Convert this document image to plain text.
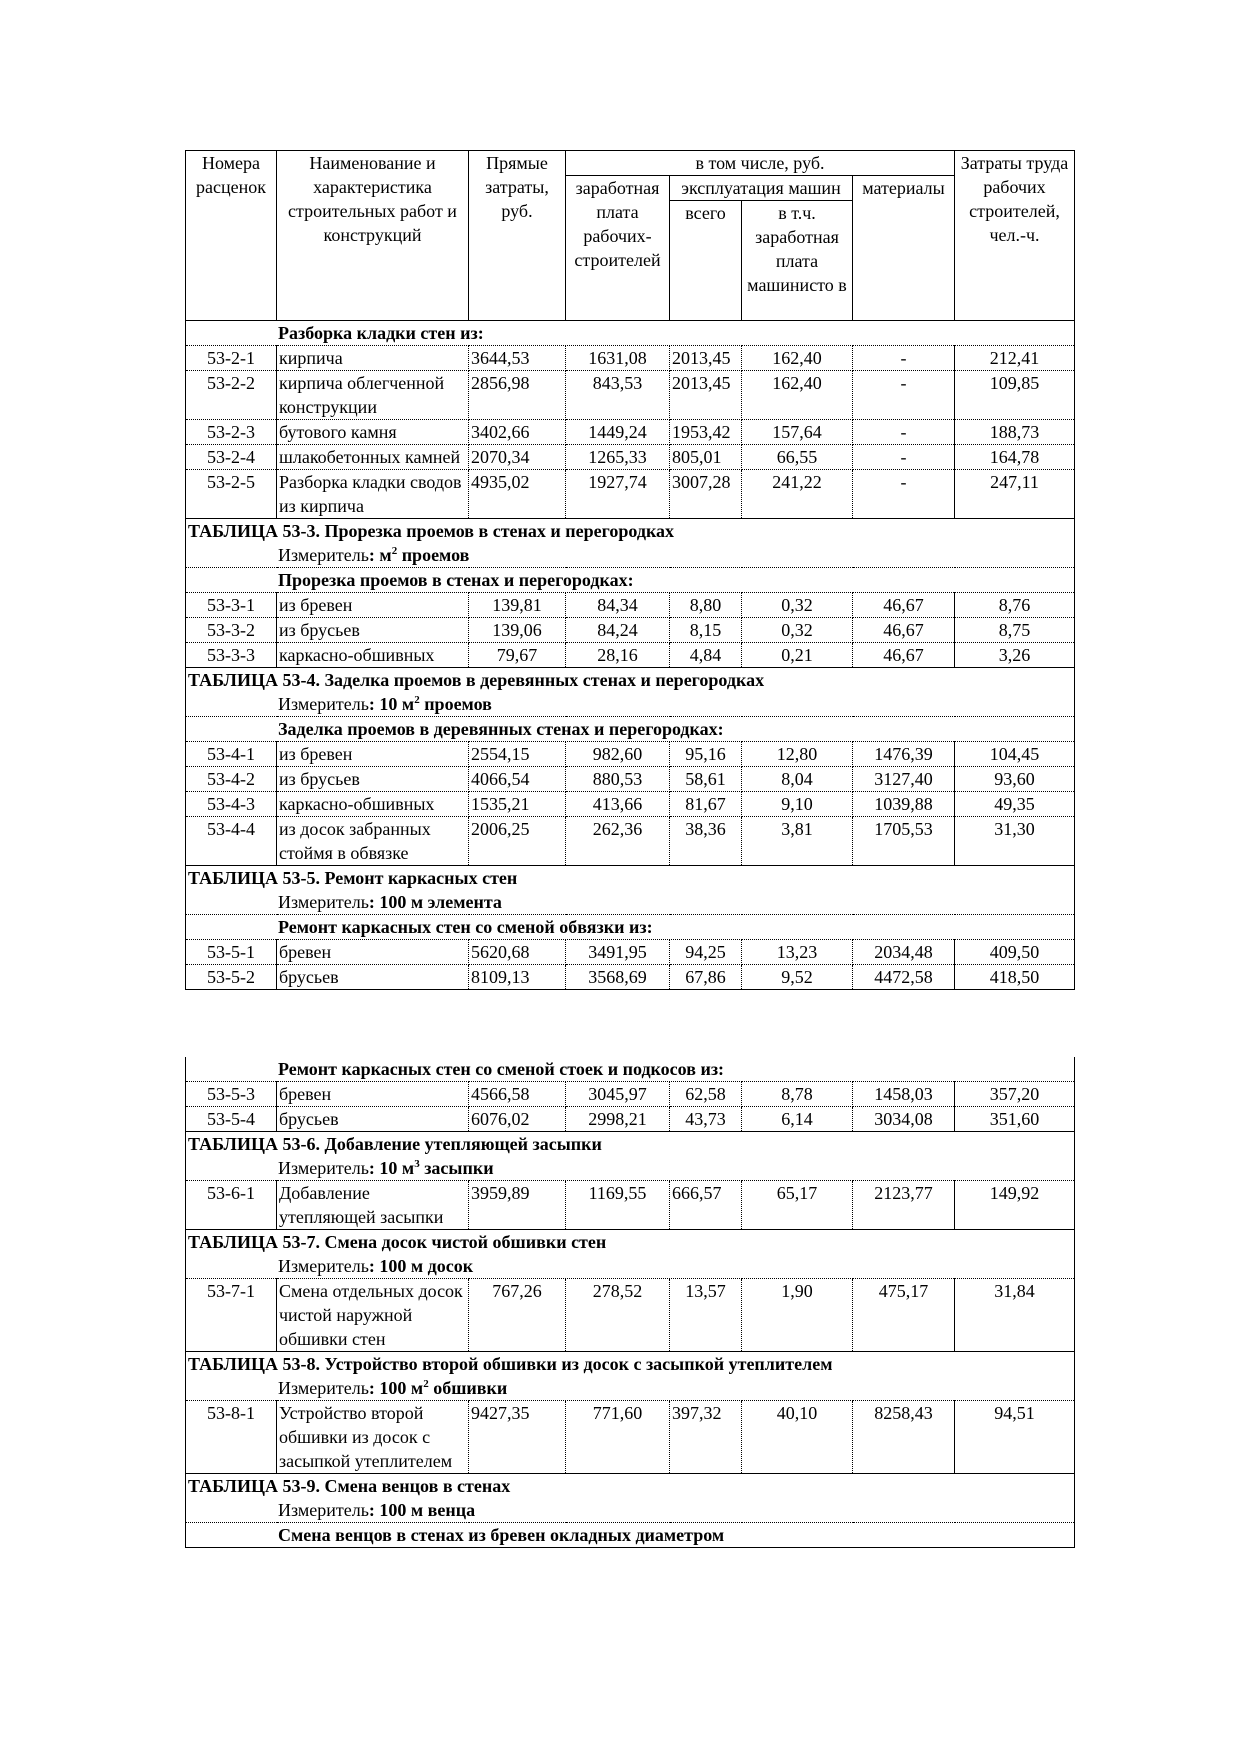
Номера расценок	Наименование и характеристика строительных работ и конструкций	Прямые затраты, руб.	в том числе, руб.				Затраты труда рабочих строителей, чел.-ч.
			заработная плата рабочих-строителей	эксплуатация машин		материалы	
				всего	в т.ч. заработная плата машинисто в		
Разборка кладки стен из:							
53-2-1	кирпича	3644,53	1631,08	2013,45	162,40	-	212,41
53-2-2	кирпича облегченной конструкции	2856,98	843,53	2013,45	162,40	-	109,85
53-2-3	бутового камня	3402,66	1449,24	1953,42	157,64	-	188,73
53-2-4	шлакобетонных камней	2070,34	1265,33	805,01	66,55	-	164,78
53-2-5	Разборка кладки сводов из кирпича	4935,02	1927,74	3007,28	241,22	-	247,11
ТАБЛИЦА 53-3. Прорезка проемов в стенах и перегородках							
Измеритель: $м^2$ проемов							
Прорезка проемов в стенах и перегородках:							
53-3-1	из бревен	139,81	84,34	8,80	0,32	46,67	8,76
53-3-2	из брусьев	139,06	84,24	8,15	0,32	46,67	8,75
53-3-3	каркасно-обшивных	79,67	28,16	4,84	0,21	46,67	3,26
ТАБЛИЦА 53-4. Заделка проемов в деревянных стенах и перегородках							
Измеритель: 10 $м^2$ проемов							
Заделка проемов в деревянных стенах и перегородках:							
53-4-1	из бревен	2554,15	982,60	95,16	12,80	1476,39	104,45
53-4-2	из брусьев	4066,54	880,53	58,61	8,04	3127,40	93,60
53-4-3	каркасно-обшивных	1535,21	413,66	81,67	9,10	1039,88	49,35
53-4-4	из досок забранных стоймя в обвязке	2006,25	262,36	38,36	3,81	1705,53	31,30
ТАБЛИЦА 53-5. Ремонт каркасных стен							
Измеритель: 100 м элемента							
Ремонт каркасных стен со сменой обвязки из:							
53-5-1	бревен	5620,68	3491,95	94,25	13,23	2034,48	409,50
53-5-2	брусьев	8109,13	3568,69	67,86	9,52	4472,58	418,50
Ремонт каркасных стен со сменой стоек и подкосов из:							
53-5-3	бревен	4566,58	3045,97	62,58	8,78	1458,03	357,20
53-5-4	брусьев	6076,02	2998,21	43,73	6,14	3034,08	351,60
ТАБЛИЦА 53-6. Добавление утепляющей засыпки							
Измеритель: 10 $м^3$ засыпки							
53-6-1	Добавление утепляющей засыпки	3959,89	1169,55	666,57	65,17	2123,77	149,92
ТАБЛИЦА 53-7. Смена досок чистой обшивки стен							
Измеритель: 100 м досок							
53-7-1	Смена отдельных досок чистой наружной обшивки стен	767,26	278,52	13,57	1,90	475,17	31,84
ТАБЛИЦА 53-8. Устройство второй обшивки из досок с засыпкой утеплителем							
Измеритель: 100 $м^2$ обшивки							
53-8-1	Устройство второй обшивки из досок с засыпкой утеплителем	9427,35	771,60	397,32	40,10	8258,43	94,51
ТАБЛИЦА 53-9. Смена венцов в стенах							
Измеритель: 100 м венца							
Смена венцов в стенах из бревен окладных диаметром							
